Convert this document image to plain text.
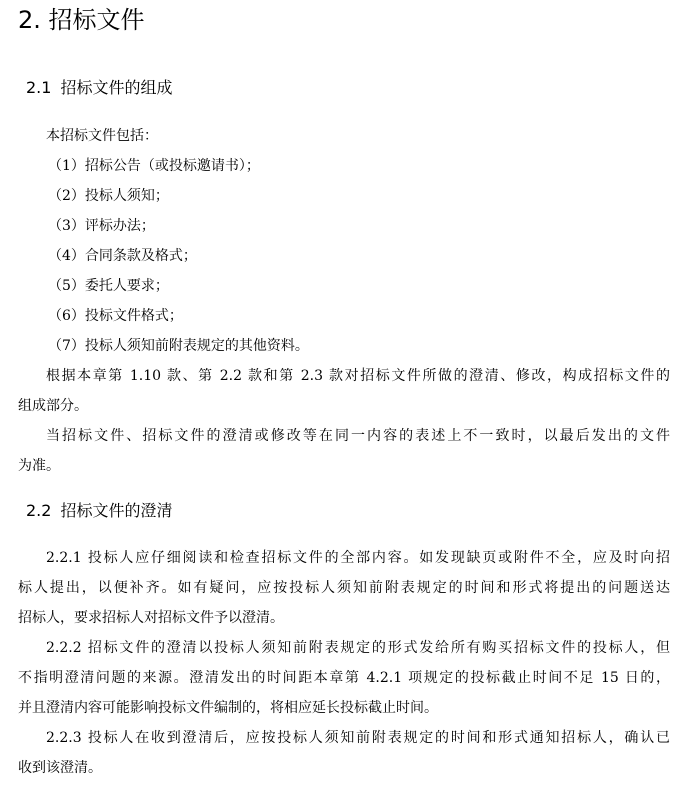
2. 招标文件
2.1 招标文件的组成
本招标文件包括：
（1）招标公告（或投标邀请书）；
（2）投标人须知；
（3）评标办法；
（4）合同条款及格式；
（5）委托人要求；
（6）投标文件格式；
（7）投标人须知前附表规定的其他资料。
根据本章第 1.10 款、第 2.2 款和第 2.3 款对招标文件所做的澄清、修改，构成招标文件的
组成部分。
当招标文件、招标文件的澄清或修改等在同一内容的表述上不一致时，以最后发出的文件
为准。
2.2 招标文件的澄清
2.2.1 投标人应仔细阅读和检查招标文件的全部内容。如发现缺页或附件不全，应及时向招
标人提出，以便补齐。如有疑问，应按投标人须知前附表规定的时间和形式将提出的问题送达
招标人，要求招标人对招标文件予以澄清。
2.2.2 招标文件的澄清以投标人须知前附表规定的形式发给所有购买招标文件的投标人，但
不指明澄清问题的来源。澄清发出的时间距本章第 4.2.1 项规定的投标截止时间不足 15 日的，
并且澄清内容可能影响投标文件编制的，将相应延长投标截止时间。
2.2.3 投标人在收到澄清后，应按投标人须知前附表规定的时间和形式通知招标人，确认已
收到该澄清。
